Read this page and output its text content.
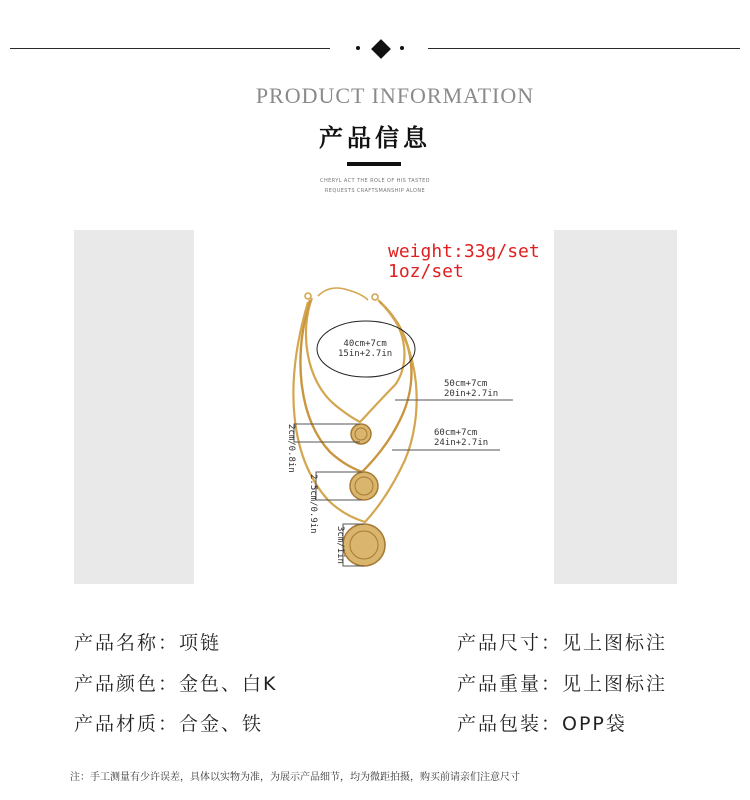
PRODUCT INFORMATION
产品信息
CHERYL ACT THE ROLE OF HIS TASTED
REQUESTS CRAFTSMANSHIP ALONE
weight:33g/set
1oz/set
40cm+7cm
15in+2.7in
50cm+7cm
20in+2.7in
60cm+7cm
24in+2.7in
2cm/0.8in
2.5cm/0.9in
3cm/1in
产品名称：项链
产品颜色：金色、白K
产品材质：合金、铁
产品尺寸：见上图标注
产品重量：见上图标注
产品包装：OPP袋
注：手工测量有少许误差，具体以实物为准，为展示产品细节，均为微距拍摄，购买前请亲们注意尺寸
